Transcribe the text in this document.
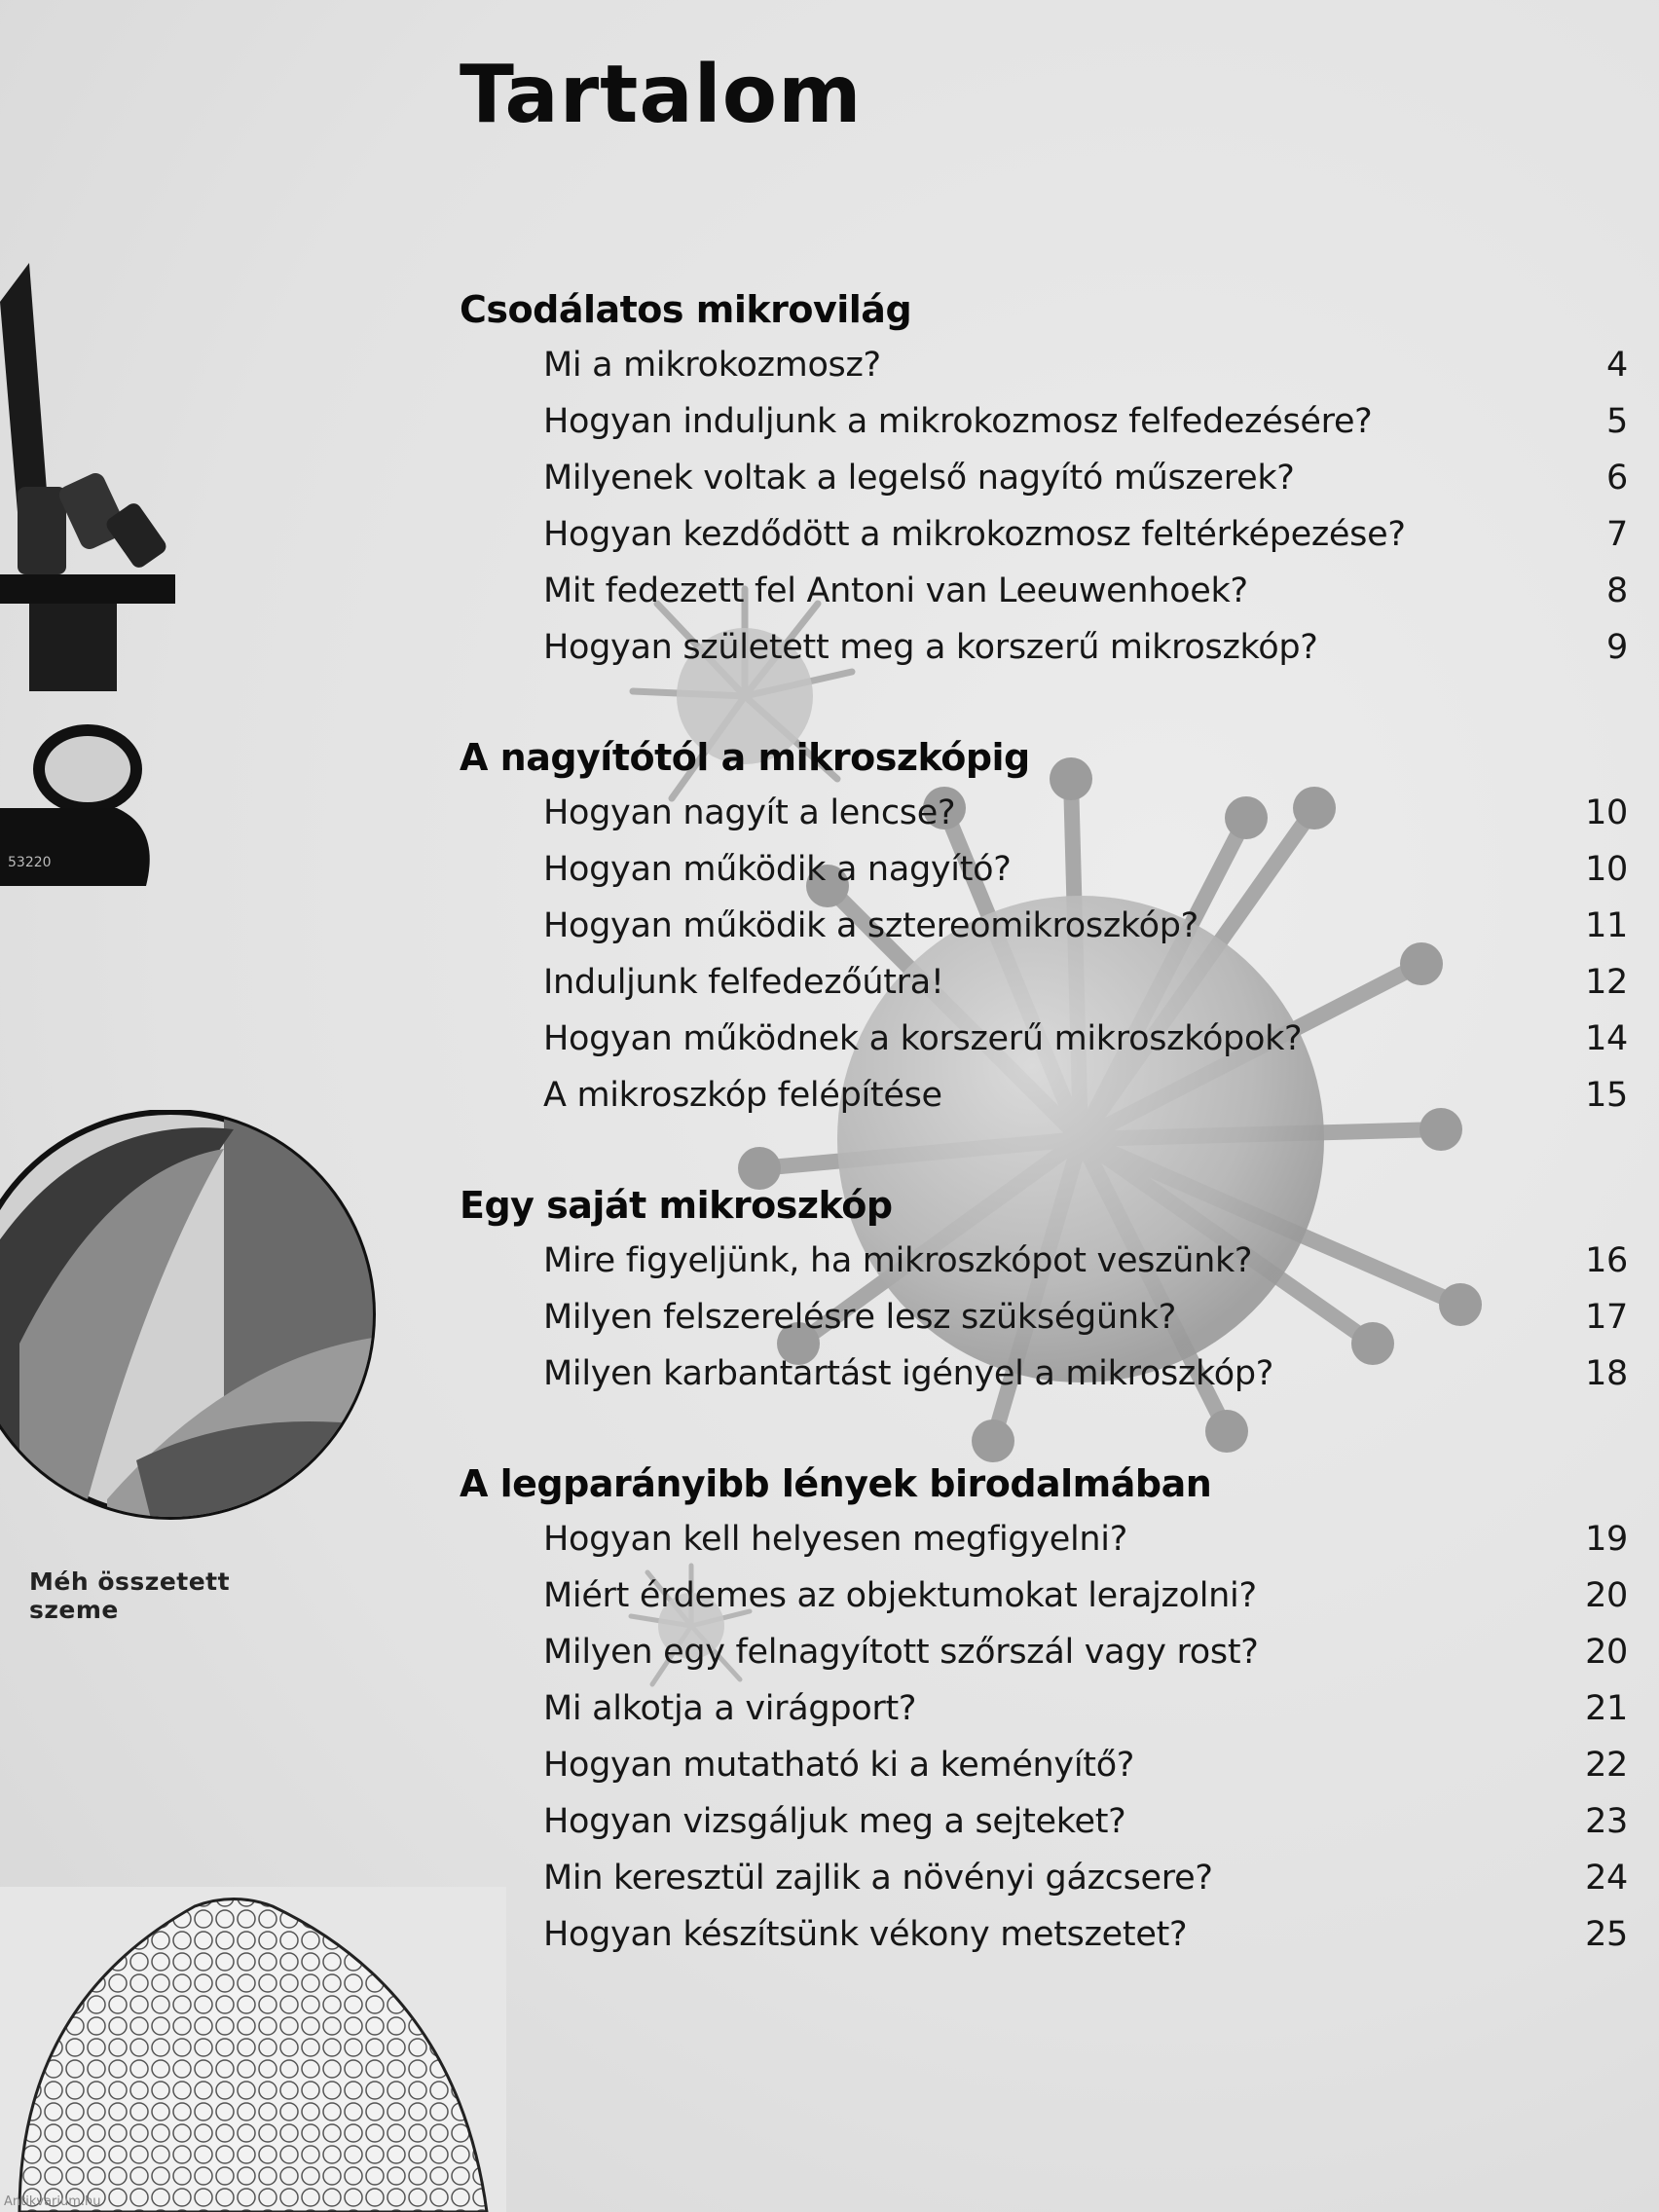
53220
Méh összetett szeme
Tartalom
Csodálatos mikrovilág
Mi a mikrokozmosz?	4
Hogyan induljunk a mikrokozmosz felfedezésére?	5
Milyenek voltak a legelső nagyító műszerek?	6
Hogyan kezdődött a mikrokozmosz feltérképezése?	7
Mit fedezett fel Antoni van Leeuwenhoek?	8
Hogyan született meg a korszerű mikroszkóp?	9
A nagyítótól a mikroszkópig
Hogyan nagyít a lencse?	10
Hogyan működik a nagyító?	10
Hogyan működik a sztereomikroszkóp?	11
Induljunk felfedezőútra!	12
Hogyan működnek a korszerű mikroszkópok?	14
A mikroszkóp felépítése	15
Egy saját mikroszkóp
Mire figyeljünk, ha mikroszkópot veszünk?	16
Milyen felszerelésre lesz szükségünk?	17
Milyen karbantartást igényel a mikroszkóp?	18
A legparányibb lények birodalmában
Hogyan kell helyesen megfigyelni?	19
Miért érdemes az objektumokat lerajzolni?	20
Milyen egy felnagyított szőrszál vagy rost?	20
Mi alkotja a virágport?	21
Hogyan mutatható ki a keményítő?	22
Hogyan vizsgáljuk meg a sejteket?	23
Min keresztül zajlik a növényi gázcsere?	24
Hogyan készítsünk vékony metszetet?	25
Antikvarium.hu
